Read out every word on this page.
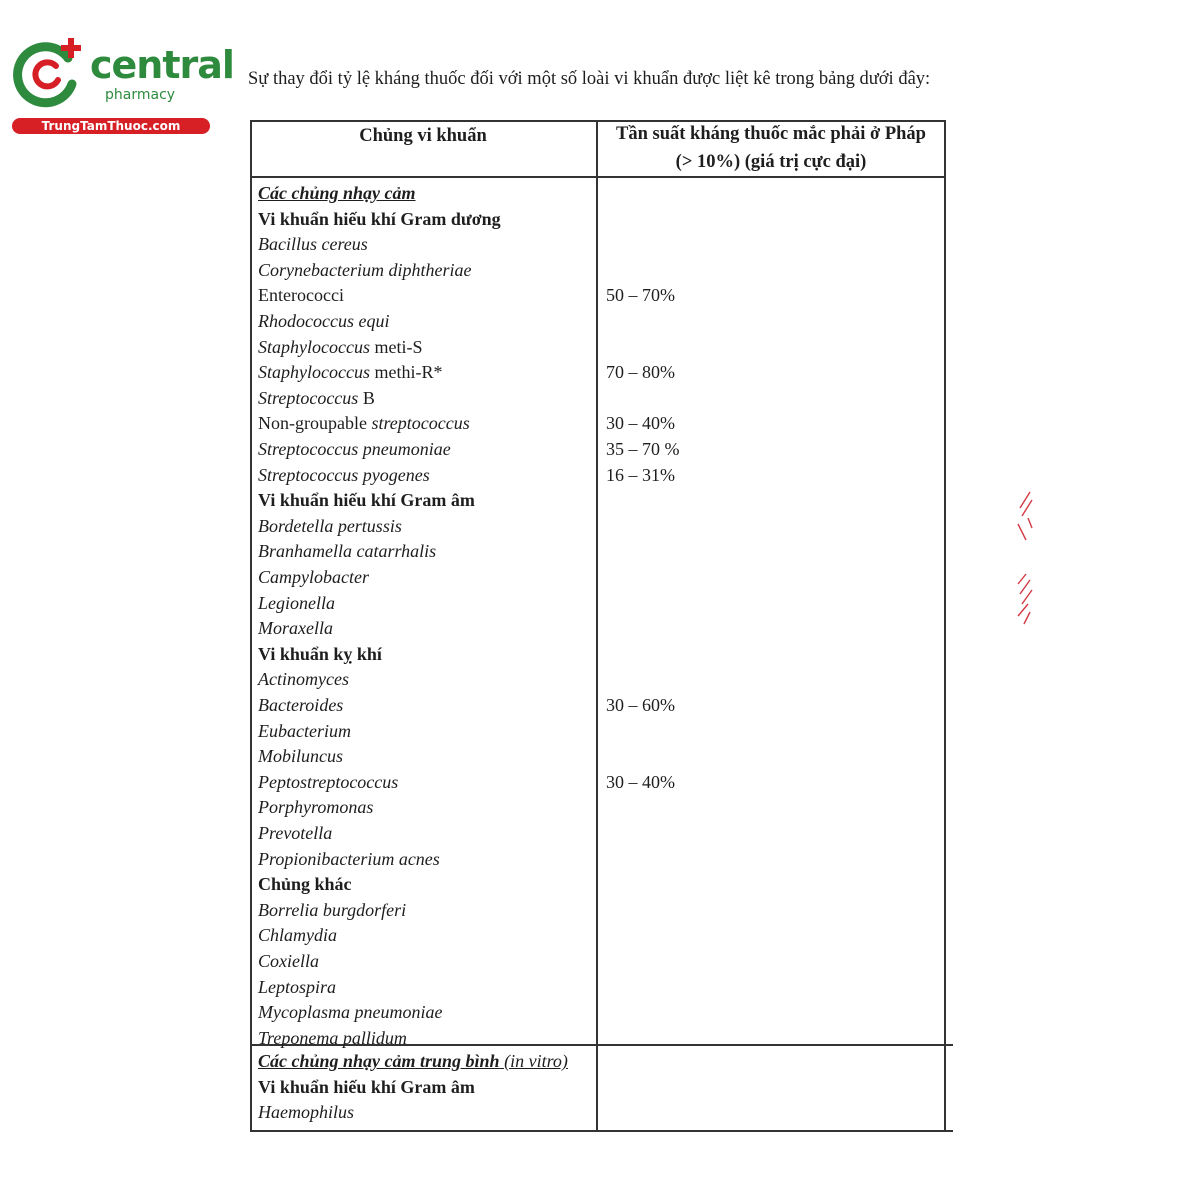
central
pharmacy
TrungTamThuoc.com
Sự thay đổi tỷ lệ kháng thuốc đối với một số loài vi khuẩn được liệt kê trong bảng dưới đây:
Chủng vi khuẩn	Tần suất kháng thuốc mắc phải ở Pháp
(> 10%) (giá trị cực đại)
Các chủng nhạy cảm
Vi khuẩn hiếu khí Gram dương
Bacillus cereus
Corynebacterium diphtheriae
Enterococci	50 – 70%
Rhodococcus equi
Staphylococcus meti-S
Staphylococcus methi-R*	70 – 80%
Streptococcus B
Non-groupable streptococcus	30 – 40%
Streptococcus pneumoniae	35 – 70 %
Streptococcus pyogenes	16 – 31%
Vi khuẩn hiếu khí Gram âm
Bordetella pertussis
Branhamella catarrhalis
Campylobacter
Legionella
Moraxella
Vi khuẩn kỵ khí
Actinomyces
Bacteroides	30 – 60%
Eubacterium
Mobiluncus
Peptostreptococcus	30 – 40%
Porphyromonas
Prevotella
Propionibacterium acnes
Chủng khác
Borrelia burgdorferi
Chlamydia
Coxiella
Leptospira
Mycoplasma pneumoniae
Treponema pallidum
Các chủng nhạy cảm trung bình (in vitro)
Vi khuẩn hiếu khí Gram âm
Haemophilus
